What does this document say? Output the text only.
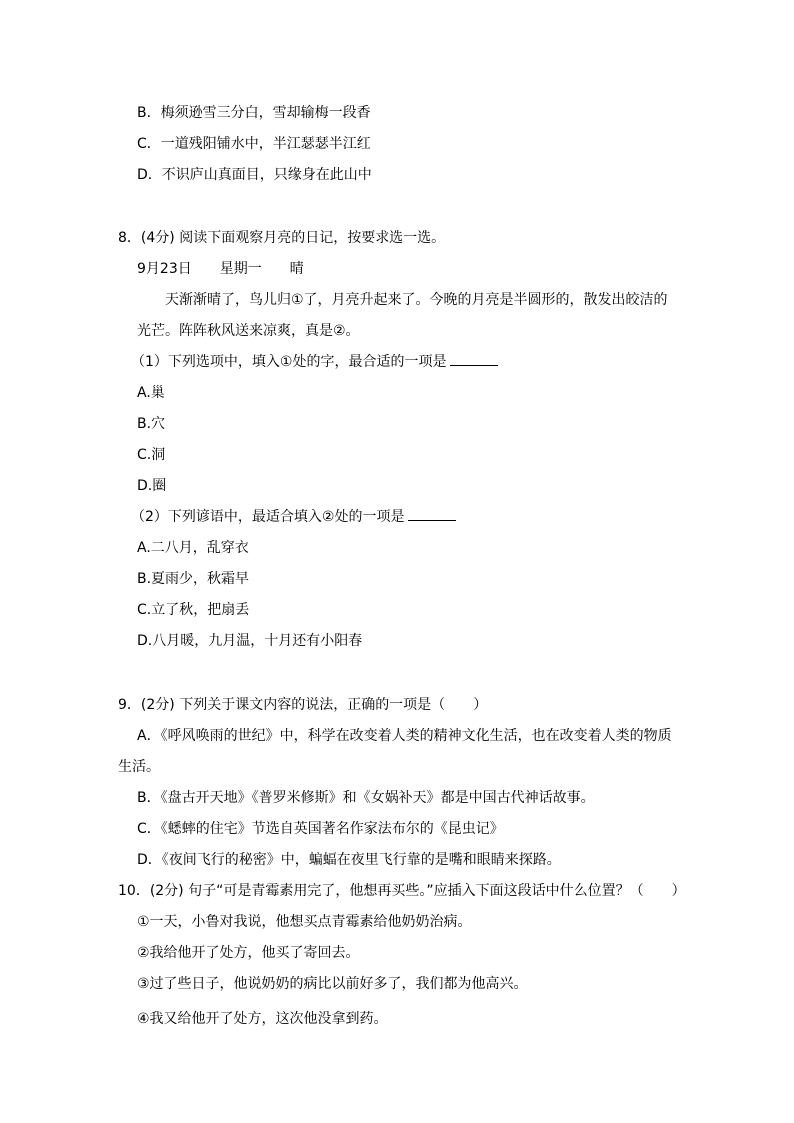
B．梅须逊雪三分白，雪却输梅一段香
C．一道残阳铺水中，半江瑟瑟半江红
D．不识庐山真面目，只缘身在此山中
8．(4分) 阅读下面观察月亮的日记，按要求选一选。
9月23日 星期一 晴
天渐渐晴了，鸟儿归①了，月亮升起来了。今晚的月亮是半圆形的，散发出皎洁的
光芒。阵阵秋风送来凉爽，真是②。
（1）下列选项中，填入①处的字，最合适的一项是
A.巢
B.穴
C.洞
D.圈
（2）下列谚语中，最适合填入②处的一项是
A.二八月，乱穿衣
B.夏雨少，秋霜早
C.立了秋，把扇丢
D.八月暖，九月温，十月还有小阳春
9．(2分) 下列关于课文内容的说法，正确的一项是（ ）
A．《呼风唤雨的世纪》中，科学在改变着人类的精神文化生活，也在改变着人类的物质
生活。
B．《盘古开天地》《普罗米修斯》和《女娲补天》都是中国古代神话故事。
C．《蟋蟀的住宅》节选自英国著名作家法布尔的《昆虫记》
D．《夜间飞行的秘密》中，蝙蝠在夜里飞行靠的是嘴和眼睛来探路。
10．(2分) 句子“可是青霉素用完了，他想再买些。”应插入下面这段话中什么位置？（ ）
①一天，小鲁对我说，他想买点青霉素给他奶奶治病。
②我给他开了处方，他买了寄回去。
③过了些日子，他说奶奶的病比以前好多了，我们都为他高兴。
④我又给他开了处方，这次他没拿到药。
